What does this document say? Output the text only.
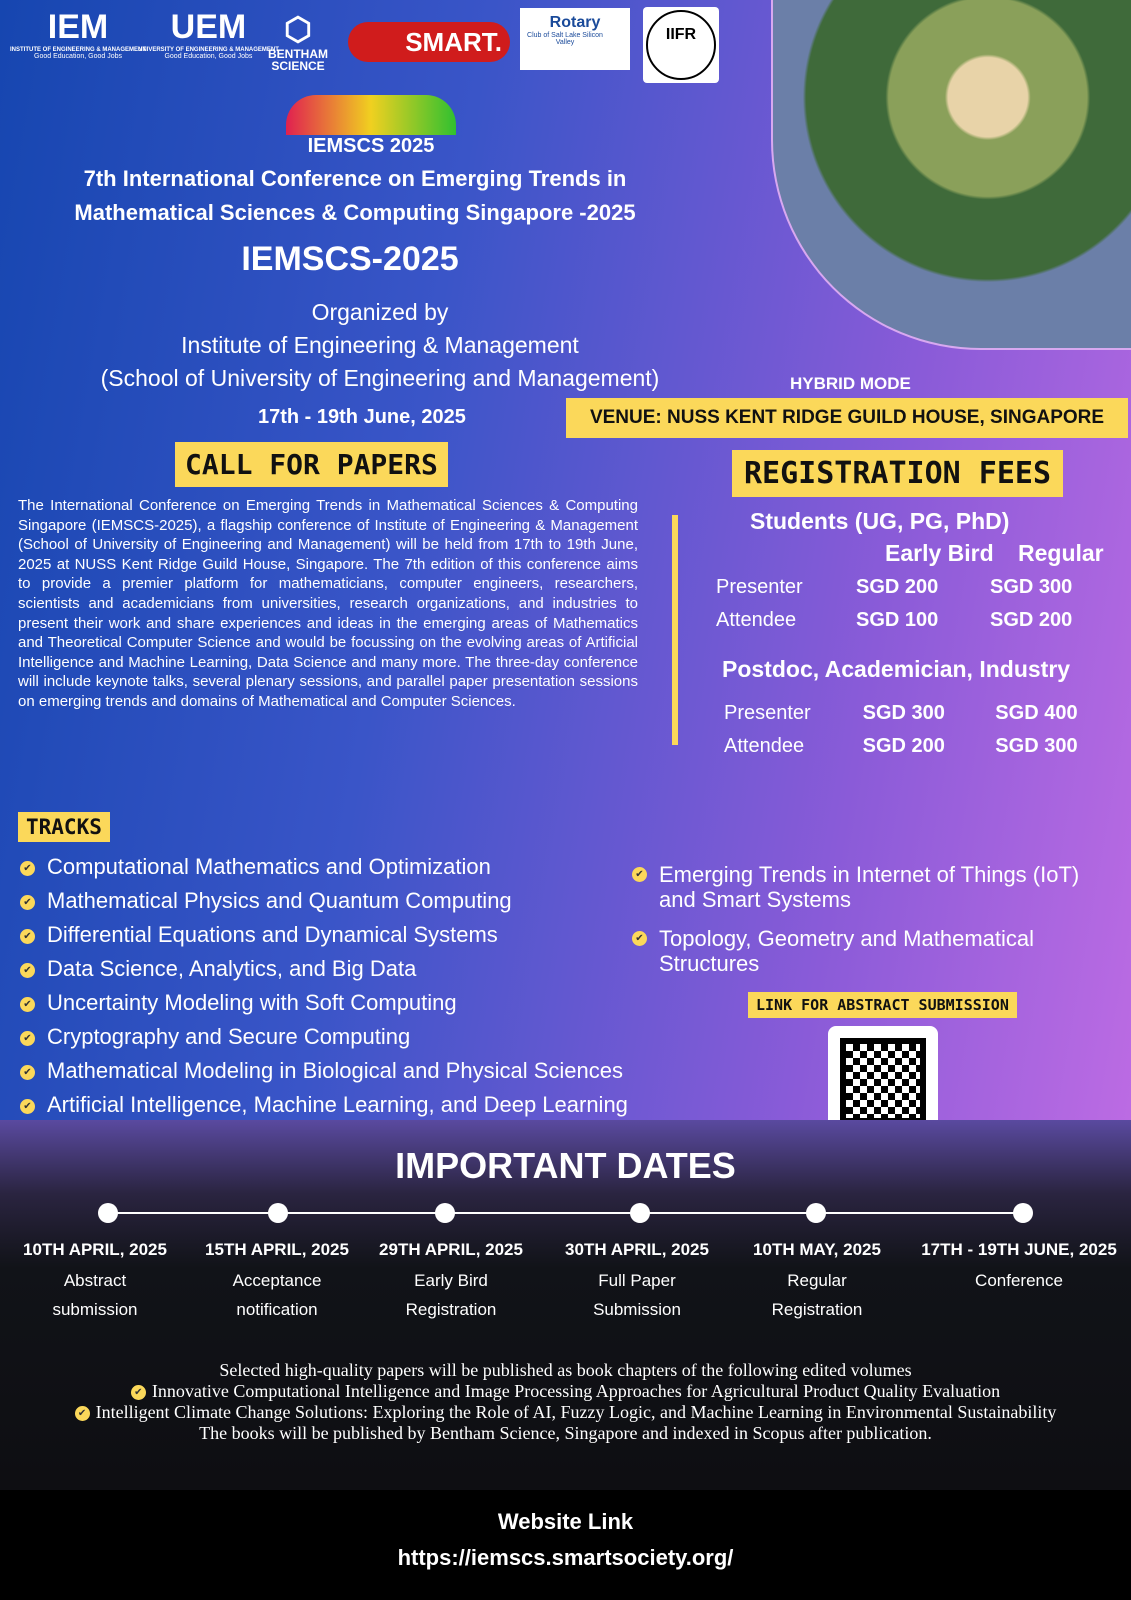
IEM
INSTITUTE OF ENGINEERING & MANAGEMENT
Good Education, Good Jobs
UEM
UNIVERSITY OF ENGINEERING & MANAGEMENT
Good Education, Good Jobs
⬡
BENTHAM SCIENCE
SMART.
Rotary
Club of Salt Lake Silicon Valley	IIFR
IEMSCS 2025
7th International Conference on Emerging Trends in
Mathematical Sciences & Computing Singapore -2025
IEMSCS-2025
Organized by
Institute of Engineering & Management
(School of University of Engineering and Management)
17th - 19th June, 2025
HYBRID MODE
VENUE: NUSS KENT RIDGE GUILD HOUSE, SINGAPORE
CALL FOR PAPERS
The International Conference on Emerging Trends in Mathematical Sciences & Computing Singapore (IEMSCS-2025), a flagship conference of Institute of Engineering & Management (School of University of Engineering and Management) will be held from 17th to 19th June, 2025 at NUSS Kent Ridge Guild House, Singapore. The 7th edition of this conference aims to provide a premier platform for mathematicians, computer engineers, researchers, scientists and academicians from universities, research organizations, and industries to present their work and share experiences and ideas in the emerging areas of Mathematics and Theoretical Computer Science and would be focussing on the evolving areas of Artificial Intelligence and Machine Learning, Data Science and many more. The three-day conference will include keynote talks, several plenary sessions, and parallel paper presentation sessions on emerging trends and domains of Mathematical and Computer Sciences.
REGISTRATION FEES
Students (UG, PG, PhD)
Early Bird Regular
Presenter	SGD 200	SGD 300
Attendee	SGD 100	SGD 200
Postdoc, Academician, Industry
Presenter	SGD 300	SGD 400
Attendee	SGD 200	SGD 300
TRACKS
✔ Computational Mathematics and Optimization
✔ Mathematical Physics and Quantum Computing
✔ Differential Equations and Dynamical Systems
✔ Data Science, Analytics, and Big Data
✔ Uncertainty Modeling with Soft Computing
✔ Cryptography and Secure Computing
✔ Mathematical Modeling in Biological and Physical Sciences
✔ Artificial Intelligence, Machine Learning, and Deep Learning
✔ Emerging Trends in Internet of Things (IoT) and Smart Systems
✔ Topology, Geometry and Mathematical Structures
LINK FOR ABSTRACT SUBMISSION
IMPORTANT DATES
10TH APRIL, 2025
Abstract
submission
15TH APRIL, 2025
Acceptance
notification
29TH APRIL, 2025
Early Bird
Registration
30TH APRIL, 2025
Full Paper
Submission
10TH MAY, 2025
Regular
Registration
17TH - 19TH JUNE, 2025
Conference
Selected high-quality papers will be published as book chapters of the following edited volumes
✔ Innovative Computational Intelligence and Image Processing Approaches for Agricultural Product Quality Evaluation
✔ Intelligent Climate Change Solutions: Exploring the Role of AI, Fuzzy Logic, and Machine Learning in Environmental Sustainability
The books will be published by Bentham Science, Singapore and indexed in Scopus after publication.
Website Link
https://iemscs.smartsociety.org/
